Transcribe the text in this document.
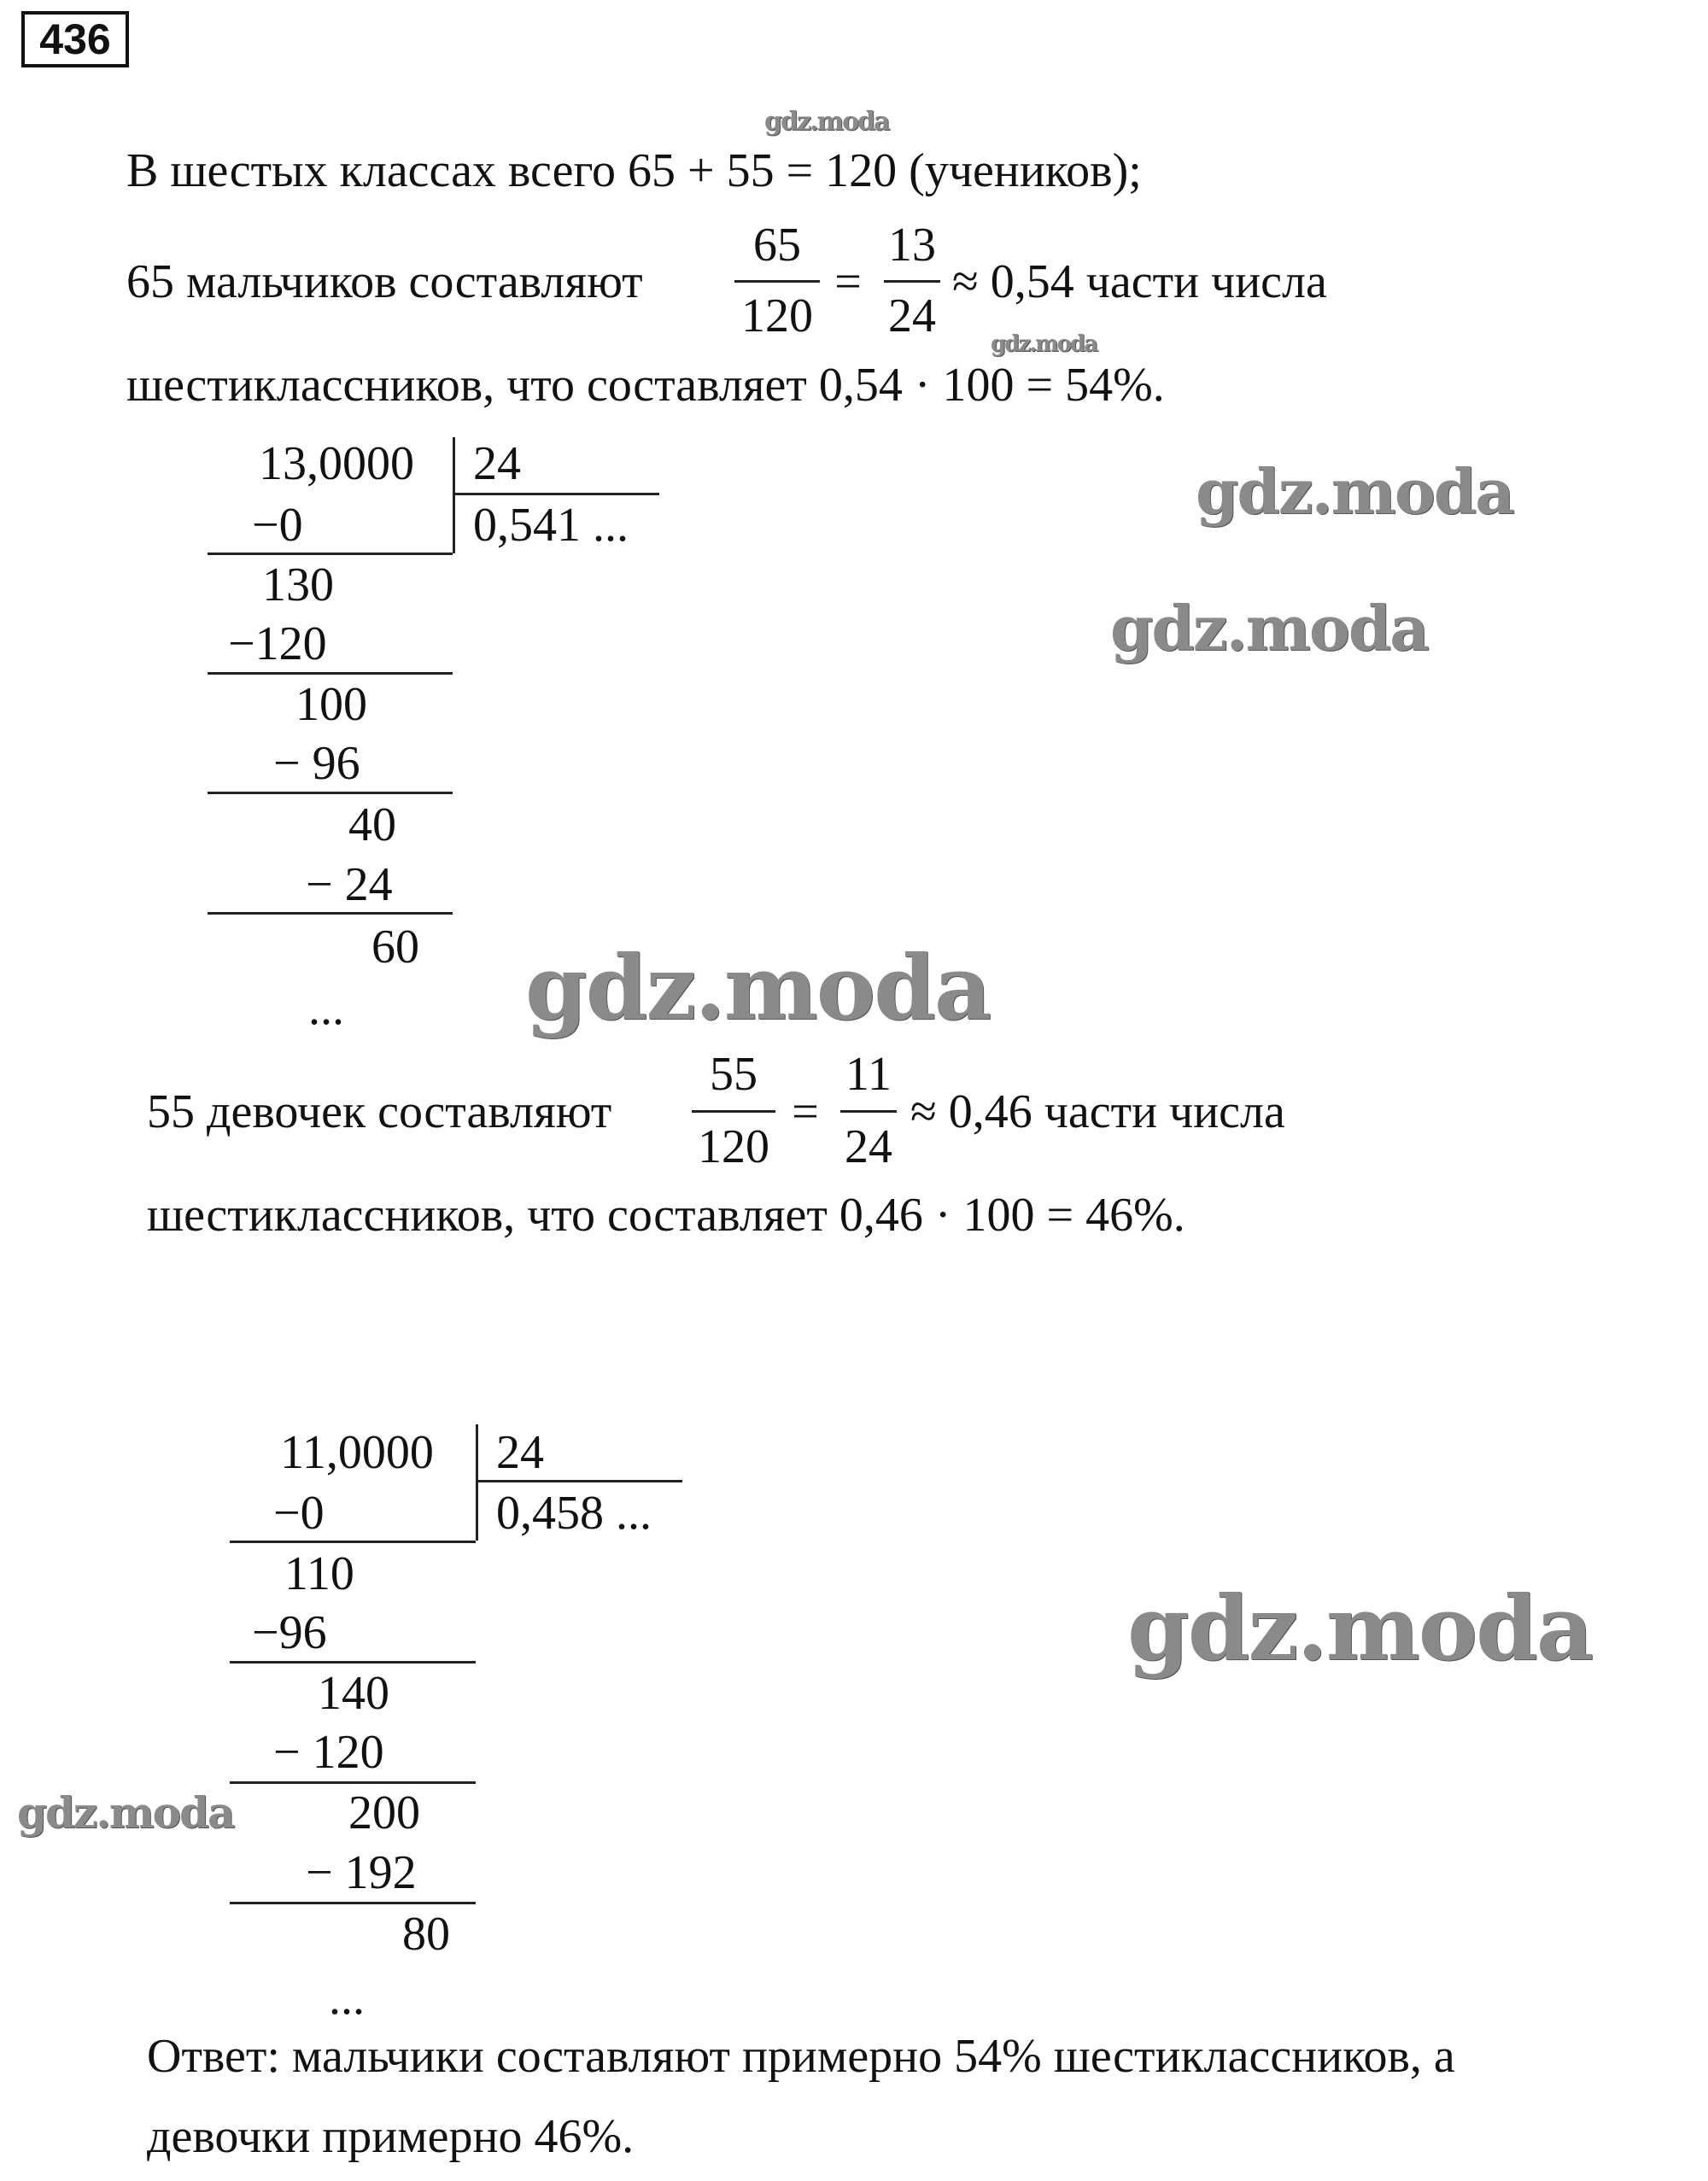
436
В шестых классах всего 65 + 55 = 120 (учеников);
65 мальчиков составляют
65
120
=
13
24
≈ 0,54 части числа
шестиклассников, что составляет 0,54 · 100 = 54%.
13,0000 24
0,541 ...
−0
130
−120
100
− 96
40
− 24
60
...
55 девочек составляют
55
120
=
11
24
≈ 0,46 части числа
шестиклассников, что составляет 0,46 · 100 = 46%.
11,0000 24
0,458 ...
−0
110
−96
140
− 120
200
− 192
80
...
Ответ: мальчики составляют примерно 54% шестиклассников, а
девочки примерно 46%.
gdz.moda
gdz.moda
gdz.moda
gdz.moda
gdz.moda
gdz.moda
gdz.moda
